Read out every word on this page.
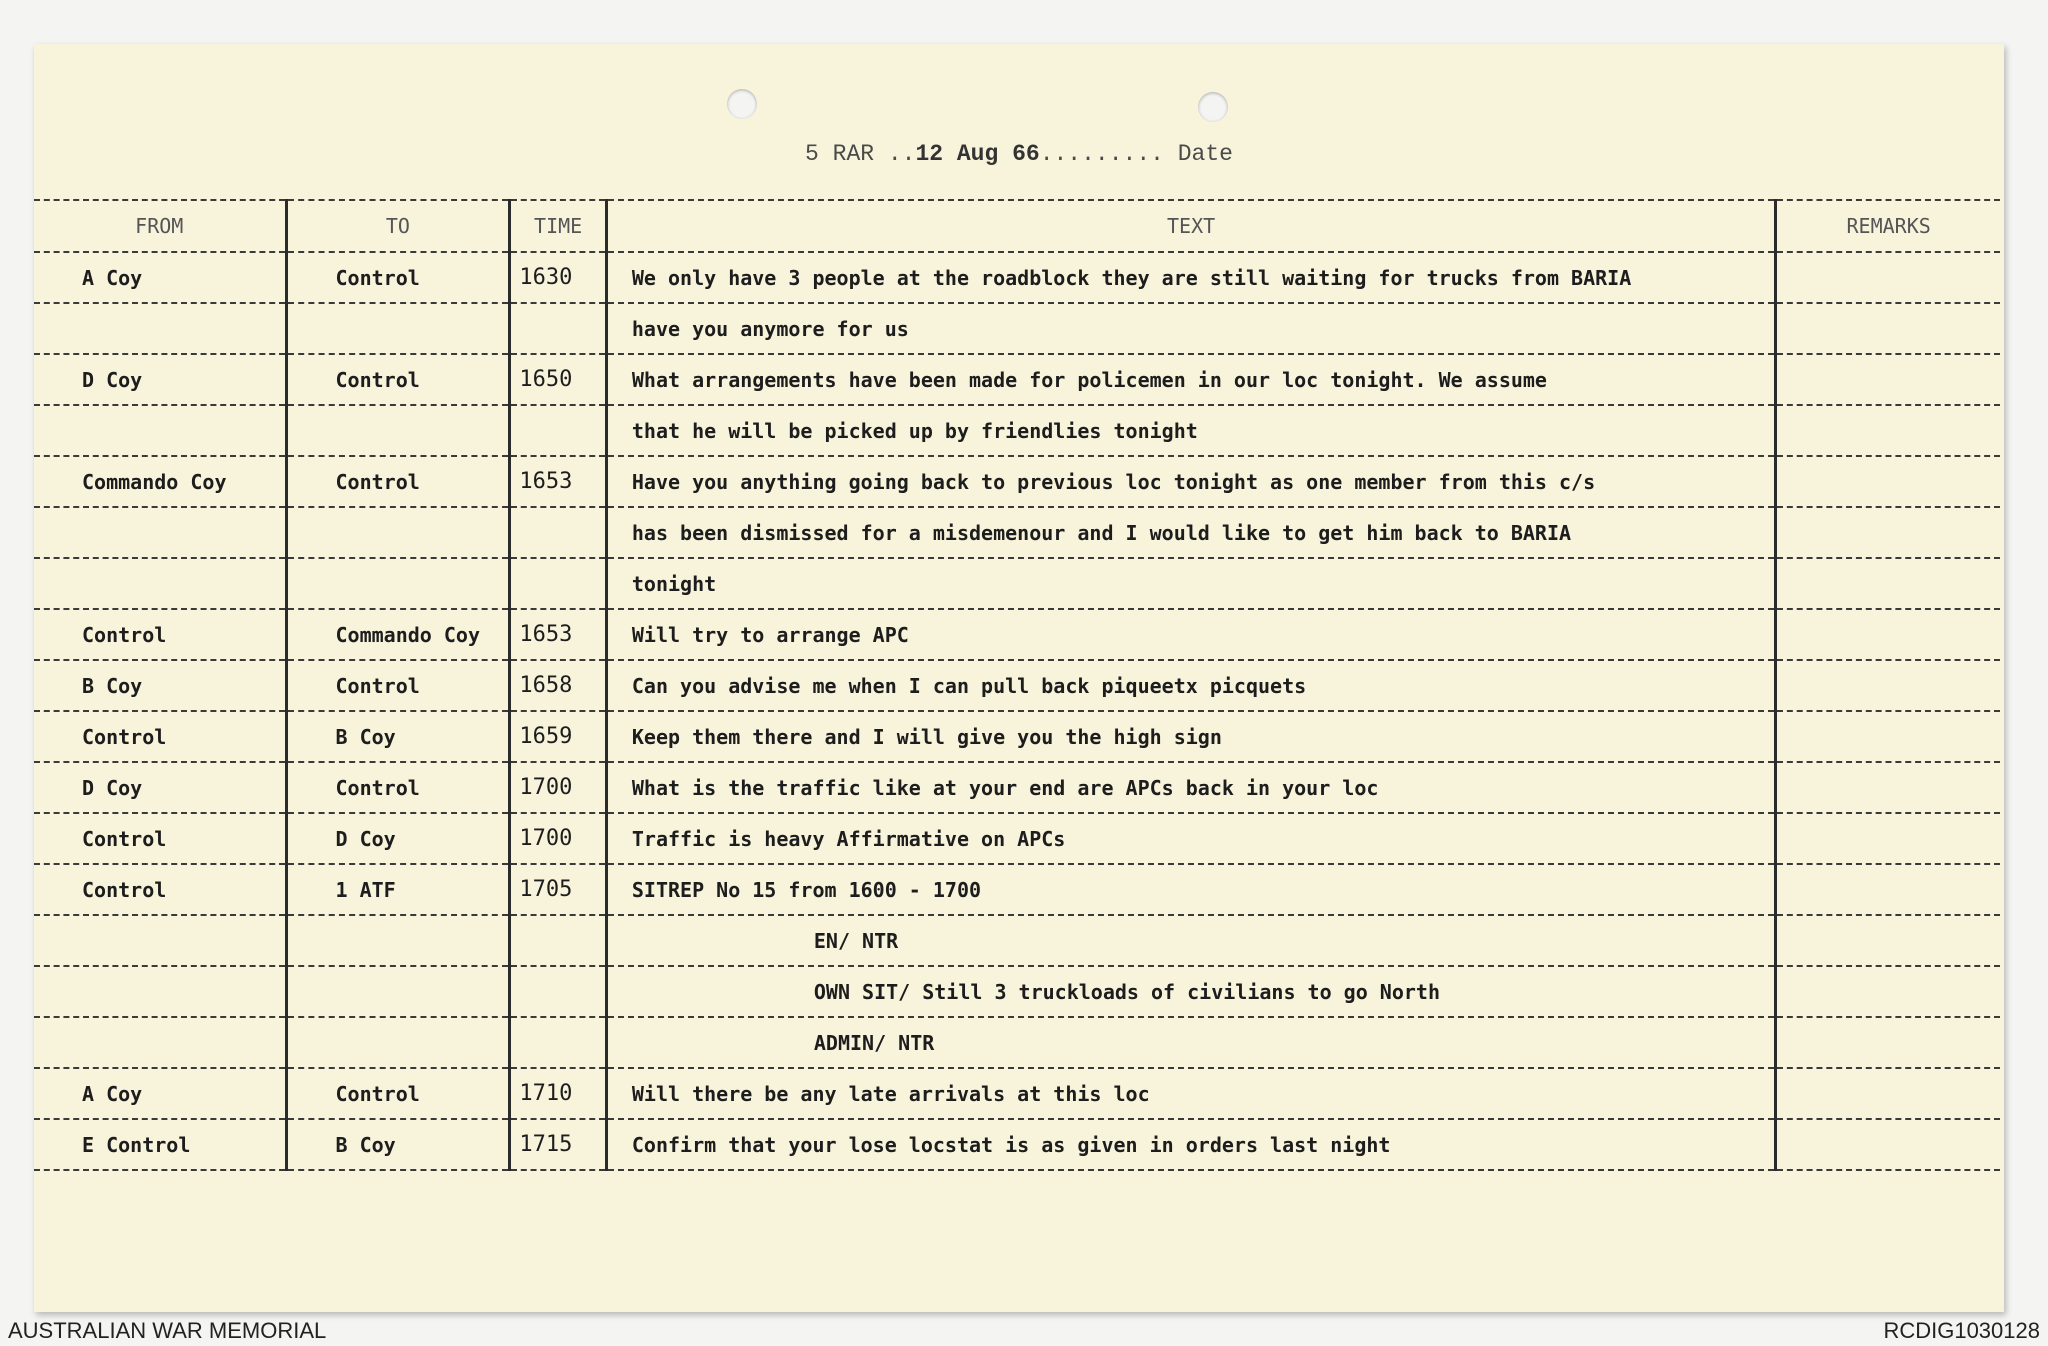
5 RAR ..12 Aug 66......... Date
FROM	TO	TIME	TEXT	REMARKS
A Coy	Control	1630	We only have 3 people at the roadblock they are still waiting for trucks from BARIA	
			have you anymore for us	
D Coy	Control	1650	What arrangements have been made for policemen in our loc tonight. We assume	
			that he will be picked up by friendlies tonight	
Commando Coy	Control	1653	Have you anything going back to previous loc tonight as one member from this c/s	
			has been dismissed for a misdemenour and I would like to get him back to BARIA	
			tonight	
Control	Commando Coy	1653	Will try to arrange APC	
B Coy	Control	1658	Can you advise me when I can pull back piqueetx picquets	
Control	B Coy	1659	Keep them there and I will give you the high sign	
D Coy	Control	1700	What is the traffic like at your end are APCs back in your loc	
Control	D Coy	1700	Traffic is heavy Affirmative on APCs	
Control	1 ATF	1705	SITREP No 15 from 1600 - 1700	
			EN/ NTR	
			OWN SIT/ Still 3 truckloads of civilians to go North	
			ADMIN/ NTR	
A Coy	Control	1710	Will there be any late arrivals at this loc	
E Control	B Coy	1715	Confirm that your lose locstat is as given in orders last night	
AUSTRALIAN WAR MEMORIAL	RCDIG1030128
